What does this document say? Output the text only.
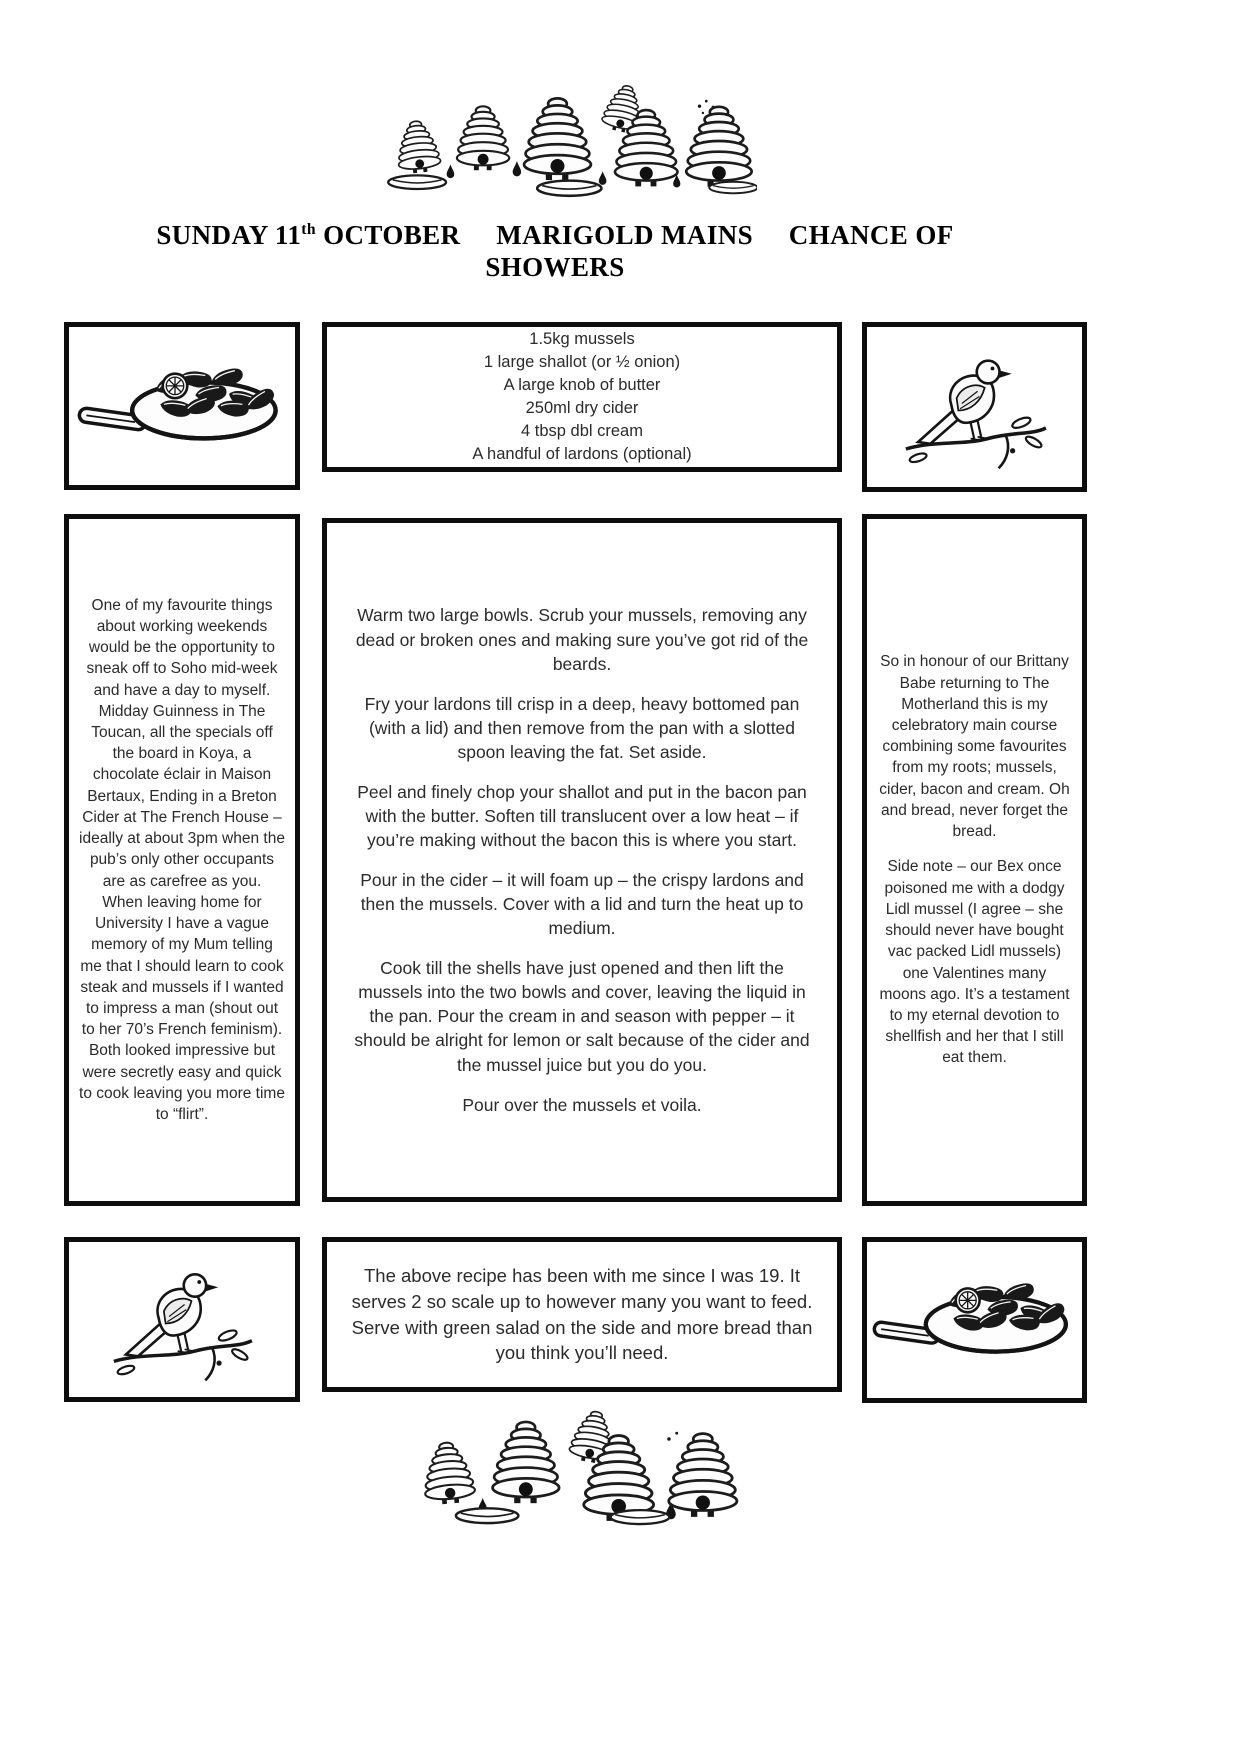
SUNDAY 11th OCTOBER     MARIGOLD MAINS     CHANCE OF
SHOWERS
1.5kg mussels
1 large shallot (or ½ onion)
A large knob of butter
250ml dry cider
4 tbsp dbl cream
A handful of lardons (optional)

One of my favourite things about working weekends would be the opportunity to sneak off to Soho mid-week and have a day to myself. Midday Guinness in The Toucan, all the specials off the board in Koya, a chocolate éclair in Maison Bertaux, Ending in a Breton Cider at The French House – ideally at about 3pm when the pub’s only other occupants are as carefree as you.

When leaving home for University I have a vague memory of my Mum telling me that I should learn to cook steak and mussels if I wanted to impress a man (shout out to her 70’s French feminism). Both looked impressive but were secretly easy and quick to cook leaving you more time to “flirt”.

Warm two large bowls. Scrub your mussels, removing any dead or broken ones and making sure you’ve got rid of the beards.

Fry your lardons till crisp in a deep, heavy bottomed pan (with a lid) and then remove from the pan with a slotted spoon leaving the fat. Set aside.

Peel and finely chop your shallot and put in the bacon pan with the butter. Soften till translucent over a low heat – if you’re making without the bacon this is where you start.

Pour in the cider – it will foam up – the crispy lardons and then the mussels. Cover with a lid and turn the heat up to medium.

Cook till the shells have just opened and then lift the mussels into the two bowls and cover, leaving the liquid in the pan. Pour the cream in and season with pepper – it should be alright for lemon or salt because of the cider and the mussel juice but you do you.

Pour over the mussels et voila.

So in honour of our Brittany Babe returning to The Motherland this is my celebratory main course combining some favourites from my roots; mussels, cider, bacon and cream. Oh and bread, never forget the bread.

Side note – our Bex once poisoned me with a dodgy Lidl mussel (I agree – she should never have bought vac packed Lidl mussels) one Valentines many moons ago. It’s a testament to my eternal devotion to shellfish and her that I still eat them.

The above recipe has been with me since I was 19. It serves 2 so scale up to however many you want to feed. Serve with green salad on the side and more bread than you think you’ll need.
